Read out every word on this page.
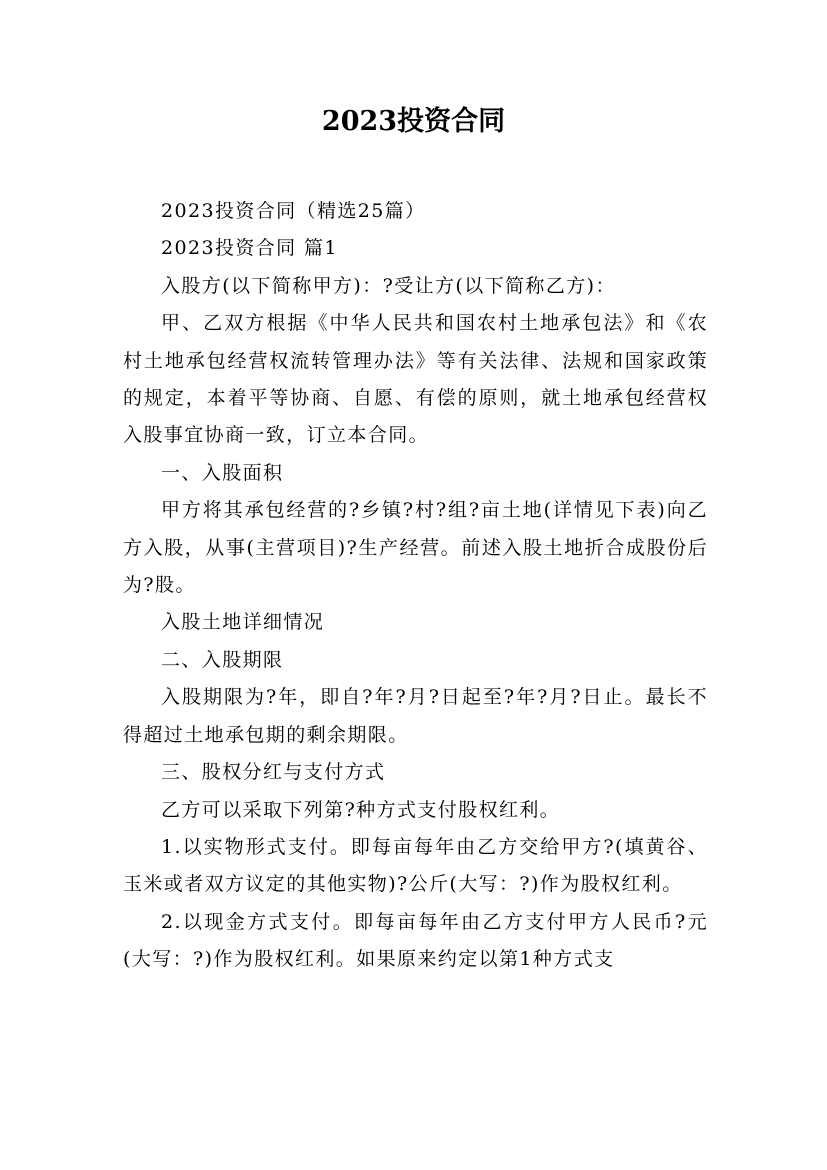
2023投资合同

2023投资合同（精选25篇）

2023投资合同 篇1

入股方(以下简称甲方)：?受让方(以下简称乙方)：

甲、乙双方根据《中华人民共和国农村土地承包法》和《农村土地承包经营权流转管理办法》等有关法律、法规和国家政策的规定，本着平等协商、自愿、有偿的原则，就土地承包经营权入股事宜协商一致，订立本合同。

一、入股面积

甲方将其承包经营的?乡镇?村?组?亩土地(详情见下表)向乙方入股，从事(主营项目)?生产经营。前述入股土地折合成股份后为?股。

入股土地详细情况

二、入股期限

入股期限为?年，即自?年?月?日起至?年?月?日止。最长不得超过土地承包期的剩余期限。

三、股权分红与支付方式

乙方可以采取下列第?种方式支付股权红利。

1.以实物形式支付。即每亩每年由乙方交给甲方?(填黄谷、玉米或者双方议定的其他实物)?公斤(大写：?)作为股权红利。

2.以现金方式支付。即每亩每年由乙方支付甲方人民币?元(大写：?)作为股权红利。如果原来约定以第1种方式支
